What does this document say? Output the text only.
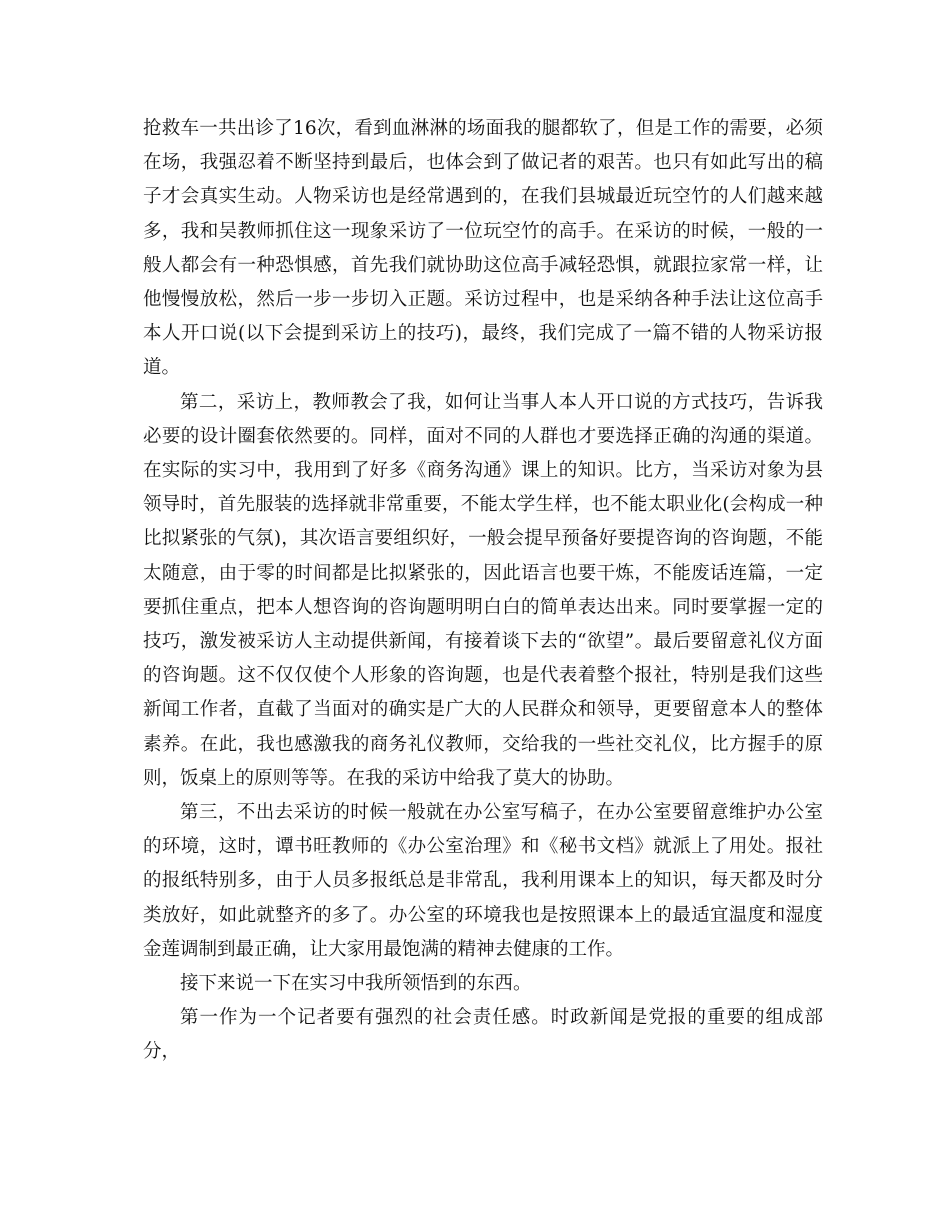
抢救车一共出诊了16次，看到血淋淋的场面我的腿都软了，但是工作的需要，必须在场，我强忍着不断坚持到最后，也体会到了做记者的艰苦。也只有如此写出的稿子才会真实生动。人物采访也是经常遇到的，在我们县城最近玩空竹的人们越来越多，我和吴教师抓住这一现象采访了一位玩空竹的高手。在采访的时候，一般的一般人都会有一种恐惧感，首先我们就协助这位高手减轻恐惧，就跟拉家常一样，让他慢慢放松，然后一步一步切入正题。采访过程中，也是采纳各种手法让这位高手本人开口说(以下会提到采访上的技巧)，最终，我们完成了一篇不错的人物采访报道。

第二，采访上，教师教会了我，如何让当事人本人开口说的方式技巧，告诉我必要的设计圈套依然要的。同样，面对不同的人群也才要选择正确的沟通的渠道。在实际的实习中，我用到了好多《商务沟通》课上的知识。比方，当采访对象为县领导时，首先服装的选择就非常重要，不能太学生样，也不能太职业化(会构成一种比拟紧张的气氛)，其次语言要组织好，一般会提早预备好要提咨询的咨询题，不能太随意，由于零的时间都是比拟紧张的，因此语言也要干炼，不能废话连篇，一定要抓住重点，把本人想咨询的咨询题明明白白的简单表达出来。同时要掌握一定的技巧，激发被采访人主动提供新闻，有接着谈下去的“欲望”。最后要留意礼仪方面的咨询题。这不仅仅使个人形象的咨询题，也是代表着整个报社，特别是我们这些新闻工作者，直截了当面对的确实是广大的人民群众和领导，更要留意本人的整体素养。在此，我也感激我的商务礼仪教师，交给我的一些社交礼仪，比方握手的原则，饭桌上的原则等等。在我的采访中给我了莫大的协助。

第三，不出去采访的时候一般就在办公室写稿子，在办公室要留意维护办公室的环境，这时，谭书旺教师的《办公室治理》和《秘书文档》就派上了用处。报社的报纸特别多，由于人员多报纸总是非常乱，我利用课本上的知识，每天都及时分类放好，如此就整齐的多了。办公室的环境我也是按照课本上的最适宜温度和湿度金莲调制到最正确，让大家用最饱满的精神去健康的工作。

接下来说一下在实习中我所领悟到的东西。

第一作为一个记者要有强烈的社会责任感。时政新闻是党报的重要的组成部分，
